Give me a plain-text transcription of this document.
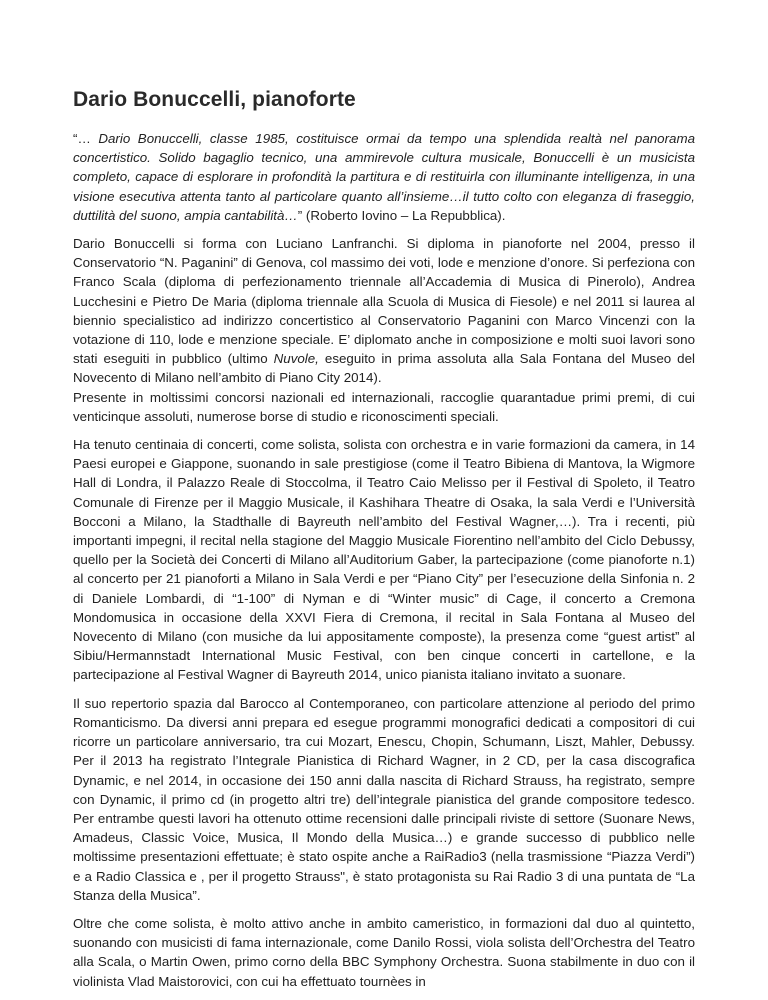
Dario Bonuccelli, pianoforte

“… Dario Bonuccelli, classe 1985, costituisce ormai da tempo una splendida realtà nel panorama concertistico. Solido bagaglio tecnico, una ammirevole cultura musicale, Bonuccelli è un musicista completo, capace di esplorare in profondità la partitura e di restituirla con illuminante intelligenza, in una visione esecutiva attenta tanto al particolare quanto all’insieme…il tutto colto con eleganza di fraseggio, duttilità del suono, ampia cantabilità…” (Roberto Iovino – La Repubblica).

Dario Bonuccelli si forma con Luciano Lanfranchi. Si diploma in pianoforte nel 2004, presso il Conservatorio “N. Paganini” di Genova, col massimo dei voti, lode e menzione d’onore. Si perfeziona con Franco Scala (diploma di perfezionamento triennale all’Accademia di Musica di Pinerolo), Andrea Lucchesini e Pietro De Maria (diploma triennale alla Scuola di Musica di Fiesole) e nel 2011 si laurea al biennio specialistico ad indirizzo concertistico al Conservatorio Paganini con Marco Vincenzi con la votazione di 110, lode e menzione speciale. E’ diplomato anche in composizione e molti suoi lavori sono stati eseguiti in pubblico (ultimo Nuvole, eseguito in prima assoluta alla Sala Fontana del Museo del Novecento di Milano nell’ambito di Piano City 2014).
Presente in moltissimi concorsi nazionali ed internazionali, raccoglie quarantadue primi premi, di cui venticinque assoluti, numerose borse di studio e riconoscimenti speciali.

Ha tenuto centinaia di concerti, come solista, solista con orchestra e in varie formazioni da camera, in 14 Paesi europei e Giappone, suonando in sale prestigiose (come il Teatro Bibiena di Mantova, la Wigmore Hall di Londra, il Palazzo Reale di Stoccolma, il Teatro Caio Melisso per il Festival di Spoleto, il Teatro Comunale di Firenze per il Maggio Musicale, il Kashihara Theatre di Osaka, la sala Verdi e l’Università Bocconi a Milano, la Stadthalle di Bayreuth nell’ambito del Festival Wagner,…). Tra i recenti, più importanti impegni, il recital nella stagione del Maggio Musicale Fiorentino nell’ambito del Ciclo Debussy, quello per la Società dei Concerti di Milano all’Auditorium Gaber, la partecipazione (come pianoforte n.1) al concerto per 21 pianoforti a Milano in Sala Verdi e per “Piano City” per l’esecuzione della Sinfonia n. 2 di Daniele Lombardi, di “1-100” di Nyman e di “Winter music” di Cage, il concerto a Cremona Mondomusica in occasione della XXVI Fiera di Cremona, il recital in Sala Fontana al Museo del Novecento di Milano (con musiche da lui appositamente composte), la presenza come “guest artist” al Sibiu/Hermannstadt International Music Festival, con ben cinque concerti in cartellone, e la partecipazione al Festival Wagner di Bayreuth 2014, unico pianista italiano invitato a suonare.

Il suo repertorio spazia dal Barocco al Contemporaneo, con particolare attenzione al periodo del primo Romanticismo. Da diversi anni prepara ed esegue programmi monografici dedicati a compositori di cui ricorre un particolare anniversario, tra cui Mozart, Enescu, Chopin, Schumann, Liszt, Mahler, Debussy. Per il 2013 ha registrato l’Integrale Pianistica di Richard Wagner, in 2 CD, per la casa discografica Dynamic, e nel 2014, in occasione dei 150 anni dalla nascita di Richard Strauss, ha registrato, sempre con Dynamic, il primo cd (in progetto altri tre) dell’integrale pianistica del grande compositore tedesco. Per entrambe questi lavori ha ottenuto ottime recensioni dalle principali riviste di settore (Suonare News, Amadeus, Classic Voice, Musica, Il Mondo della Musica…) e grande successo di pubblico nelle moltissime presentazioni effettuate; è stato ospite anche a RaiRadio3 (nella trasmissione “Piazza Verdi”) e a Radio Classica e , per il progetto Strauss", è stato protagonista su Rai Radio 3 di una puntata de “La Stanza della Musica”.

Oltre che come solista, è molto attivo anche in ambito cameristico, in formazioni dal duo al quintetto, suonando con musicisti di fama internazionale, come Danilo Rossi, viola solista dell’Orchestra del Teatro alla Scala, o Martin Owen, primo corno della BBC Symphony Orchestra. Suona stabilmente in duo con il violinista Vlad Maistorovici, con cui ha effettuato tournèes in
